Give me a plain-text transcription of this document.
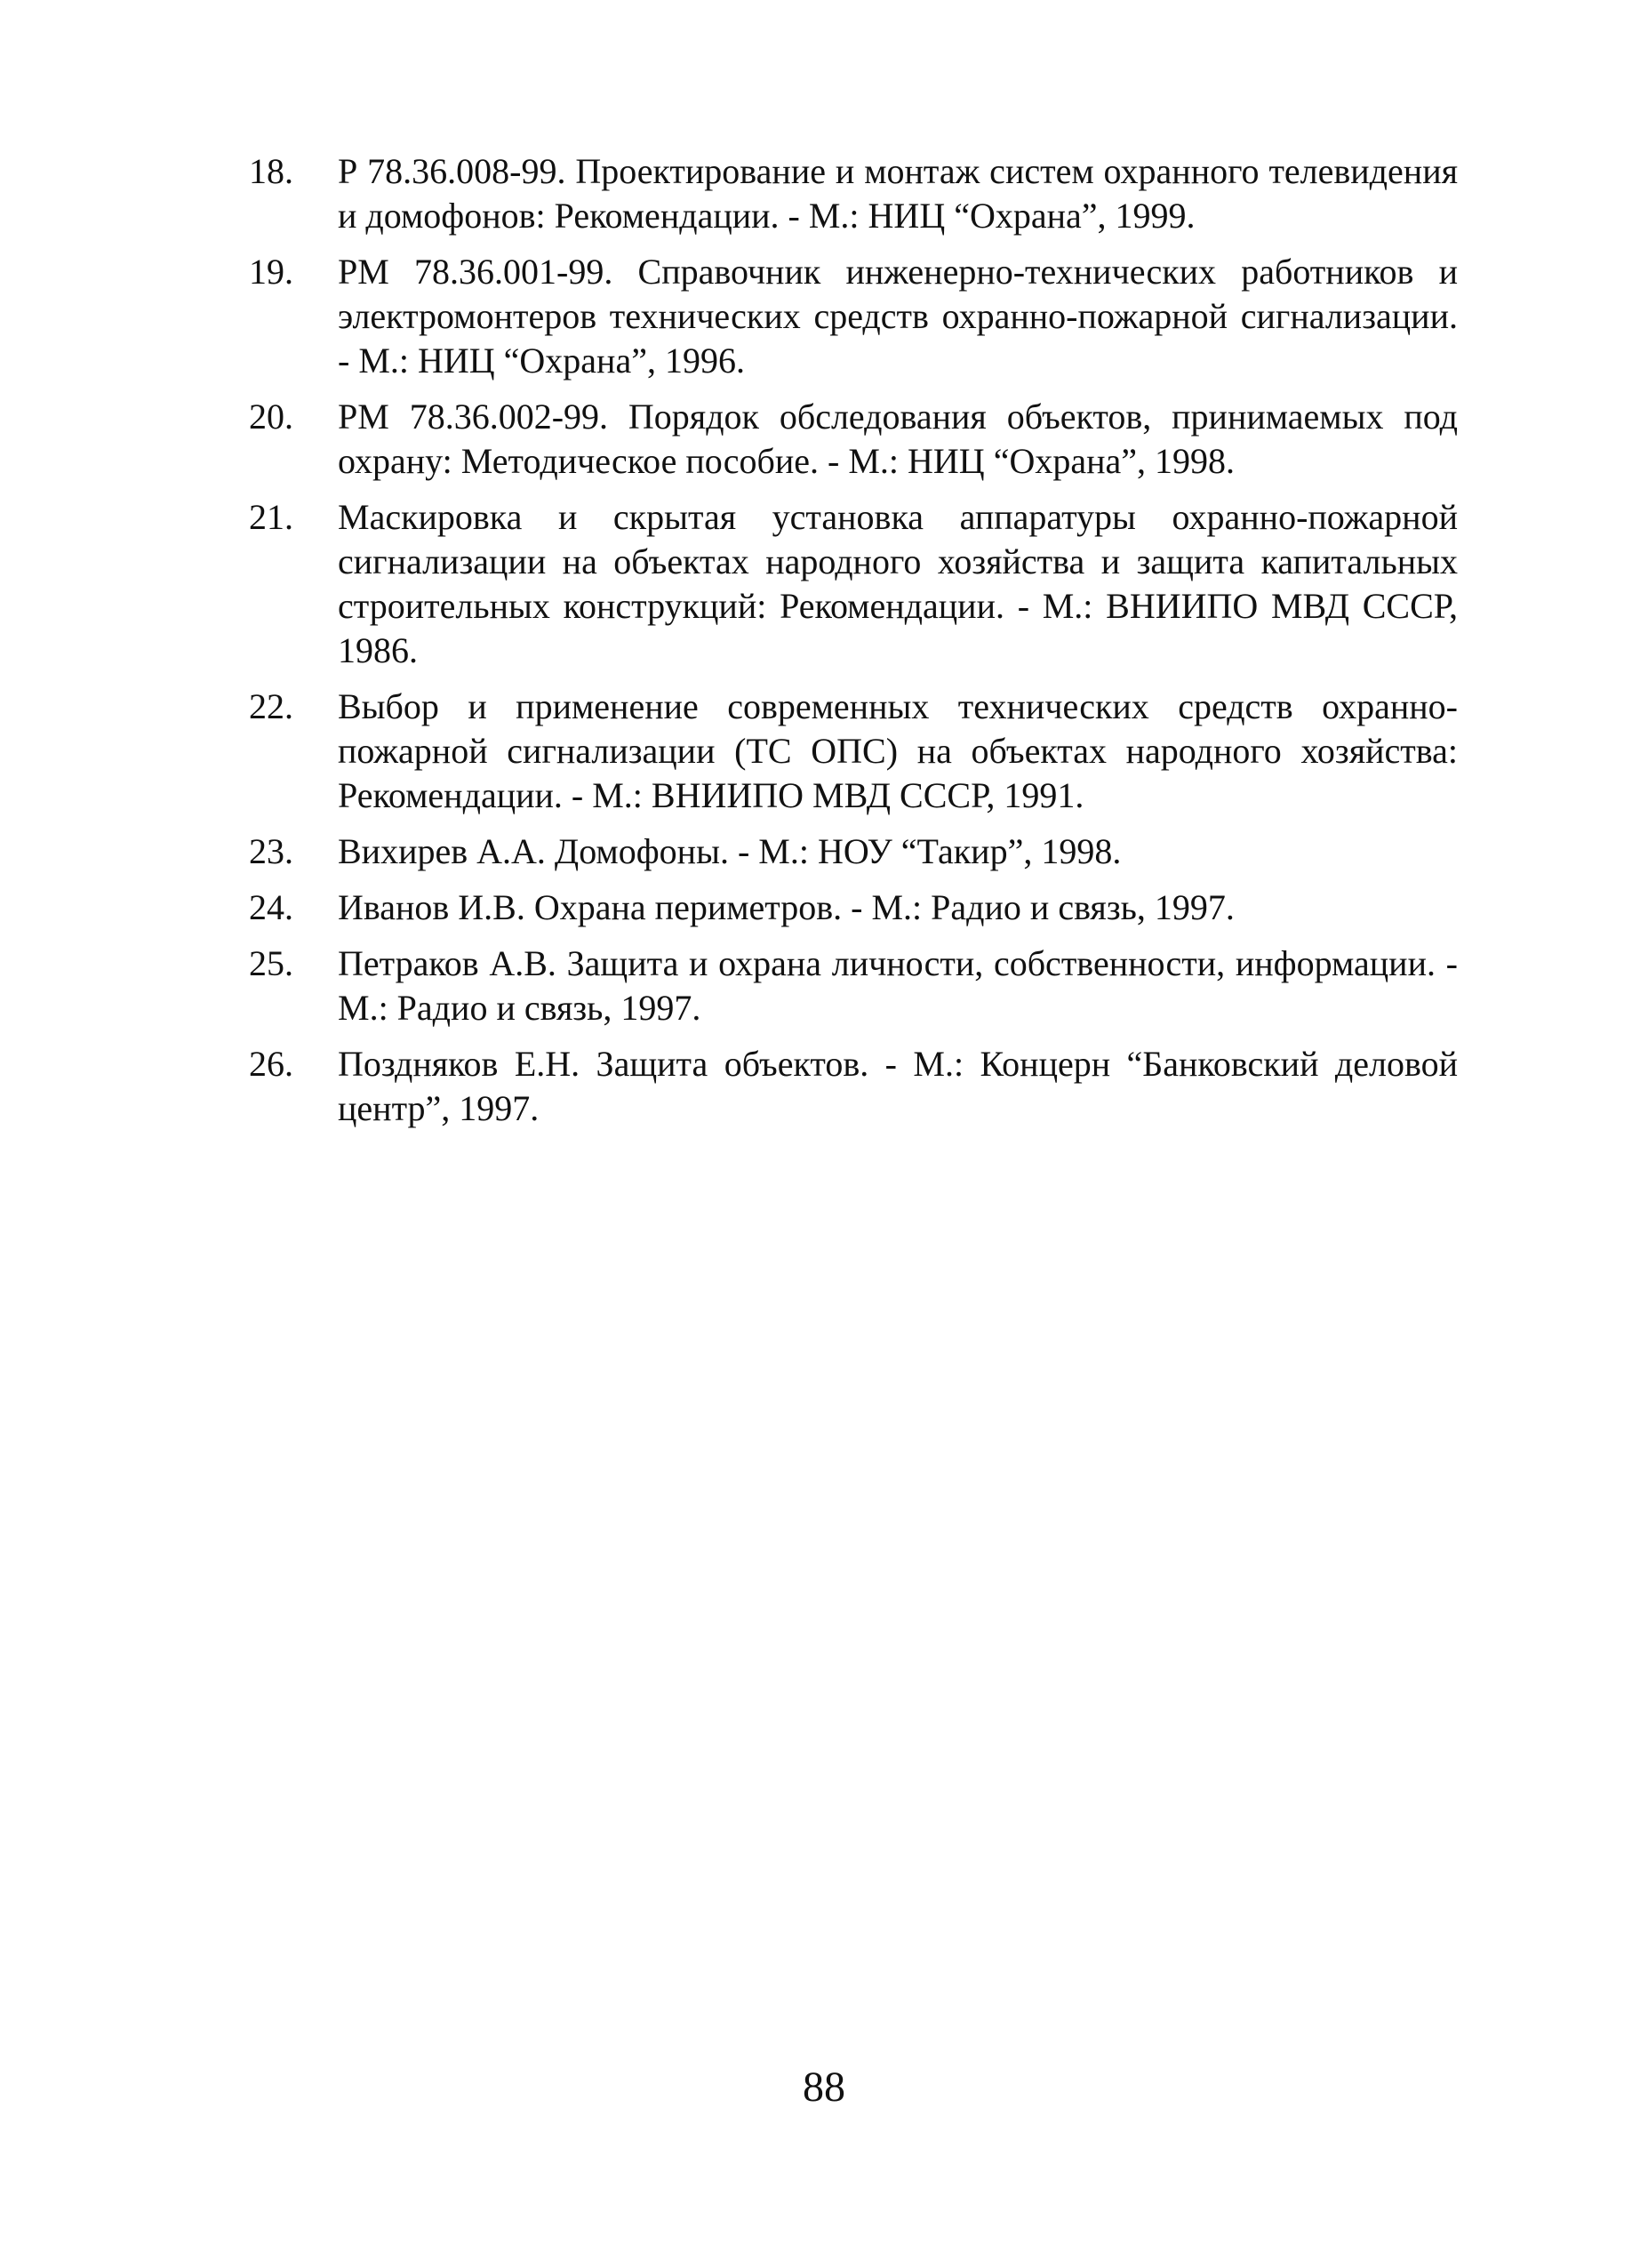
18.	Р 78.36.008-99. Проектирование и монтаж систем охранного телевидения и домофонов: Рекомендации. - М.: НИЦ “Охрана”, 1999.
19.	РМ 78.36.001-99. Справочник инженерно-технических работников и электромонтеров технических средств охранно-пожарной сигнализации. - М.: НИЦ “Охрана”, 1996.
20.	РМ 78.36.002-99. Порядок обследования объектов, принимаемых под охрану: Методическое пособие. - М.: НИЦ “Охрана”, 1998.
21.	Маскировка и скрытая установка аппаратуры охранно-пожарной сигнализации на объектах народного хозяйства и защита капитальных строительных конструкций: Рекомендации. - М.: ВНИИПО МВД СССР, 1986.
22.	Выбор и применение современных технических средств охранно-пожарной сигнализации (ТС ОПС) на объектах народного хозяйства: Рекомендации. - М.: ВНИИПО МВД СССР, 1991.
23.	Вихирев А.А. Домофоны. - М.: НОУ “Такир”, 1998.
24.	Иванов И.В. Охрана периметров. - М.: Радио и связь, 1997.
25.	Петраков А.В. Защита и охрана личности, собственности, информации. - М.: Радио и связь, 1997.
26.	Поздняков Е.Н. Защита объектов. - М.: Концерн “Банковский деловой центр”, 1997.
88
